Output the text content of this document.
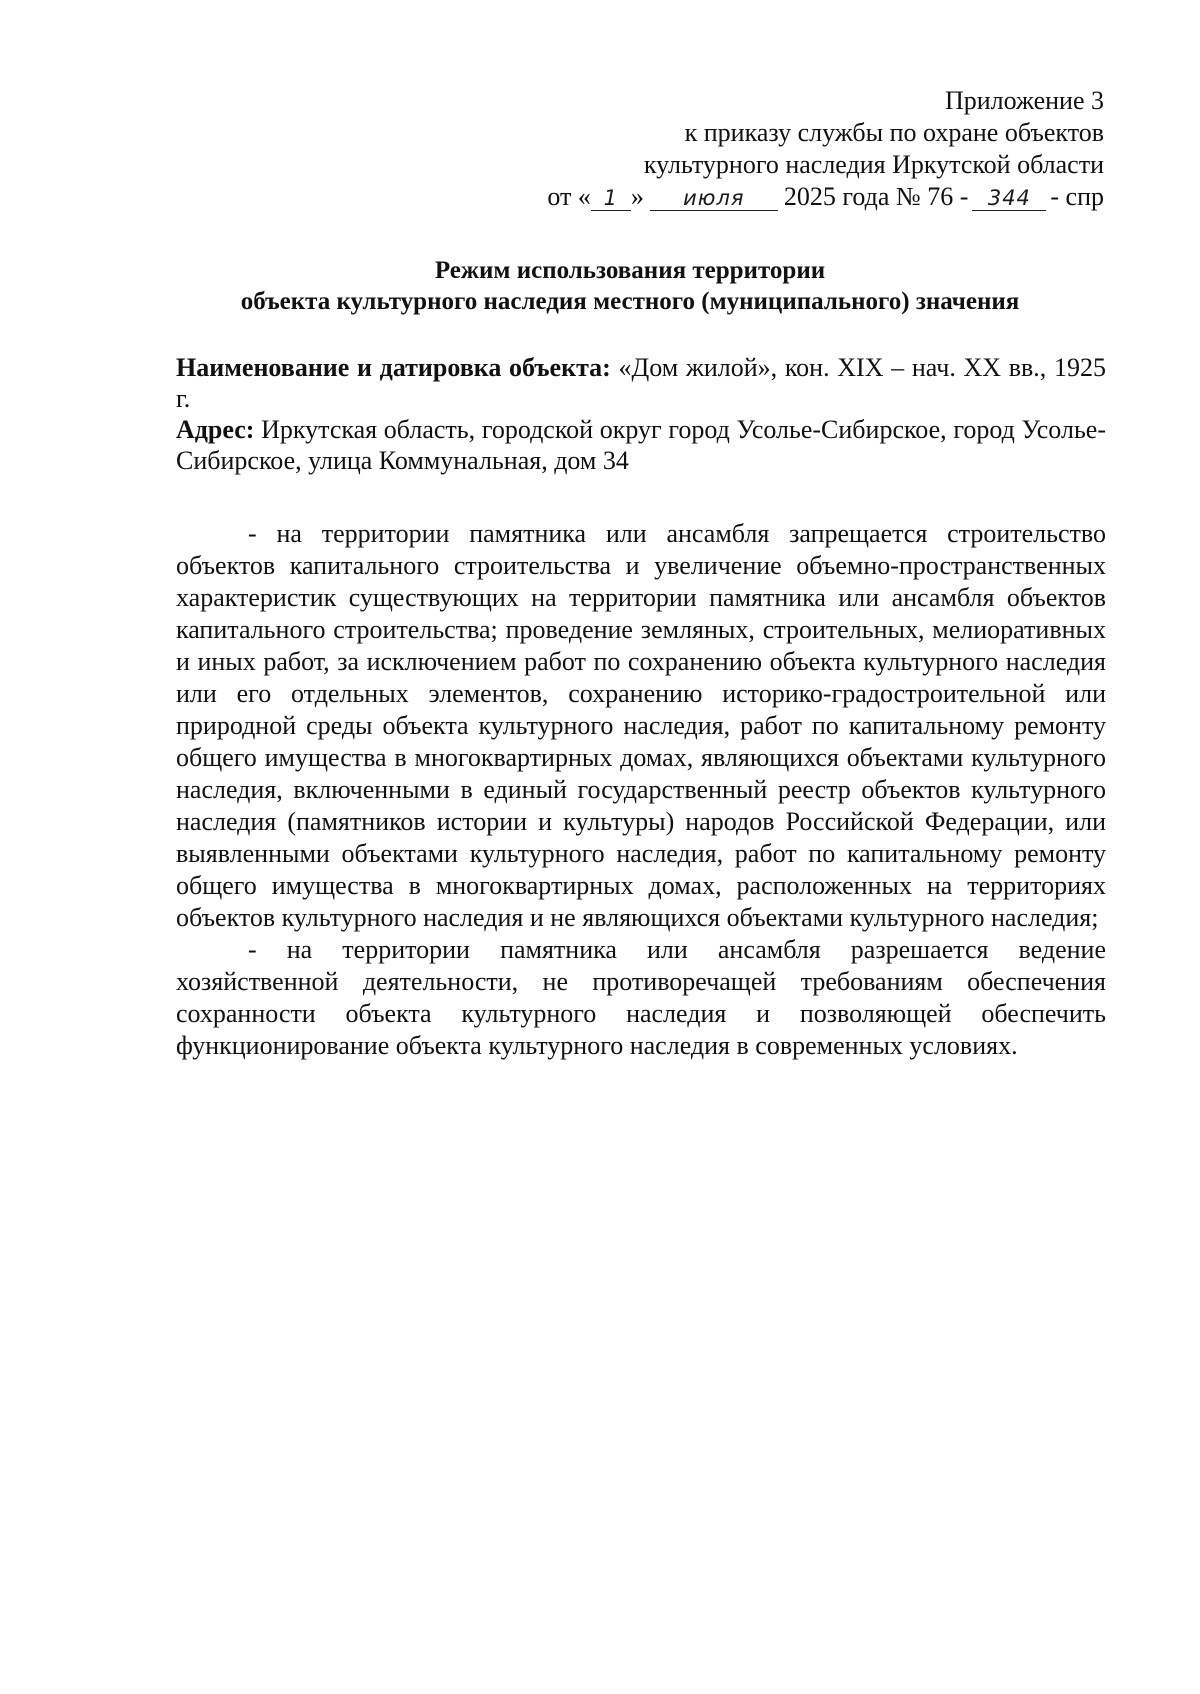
Приложение 3
к приказу службы по охране объектов
культурного наследия Иркутской области
от « 1 » июля 2025 года № 76 - 344 - спр
Режим использования территории
объекта культурного наследия местного (муниципального) значения

Наименование и датировка объекта: «Дом жилой», кон. XIX – нач. XX вв., 1925 г.

Адрес: Иркутская область, городской округ город Усолье-Сибирское, город Усолье-Сибирское, улица Коммунальная, дом 34

- на территории памятника или ансамбля запрещается строительство объектов капитального строительства и увеличение объемно-пространственных характеристик существующих на территории памятника или ансамбля объектов капитального строительства; проведение земляных, строительных, мелиоративных и иных работ, за исключением работ по сохранению объекта культурного наследия или его отдельных элементов, сохранению историко-градостроительной или природной среды объекта культурного наследия, работ по капитальному ремонту общего имущества в многоквартирных домах, являющихся объектами культурного наследия, включенными в единый государственный реестр объектов культурного наследия (памятников истории и культуры) народов Российской Федерации, или выявленными объектами культурного наследия, работ по капитальному ремонту общего имущества в многоквартирных домах, расположенных на территориях объектов культурного наследия и не являющихся объектами культурного наследия;

- на территории памятника или ансамбля разрешается ведение хозяйственной деятельности, не противоречащей требованиям обеспечения сохранности объекта культурного наследия и позволяющей обеспечить функционирование объекта культурного наследия в современных условиях.
